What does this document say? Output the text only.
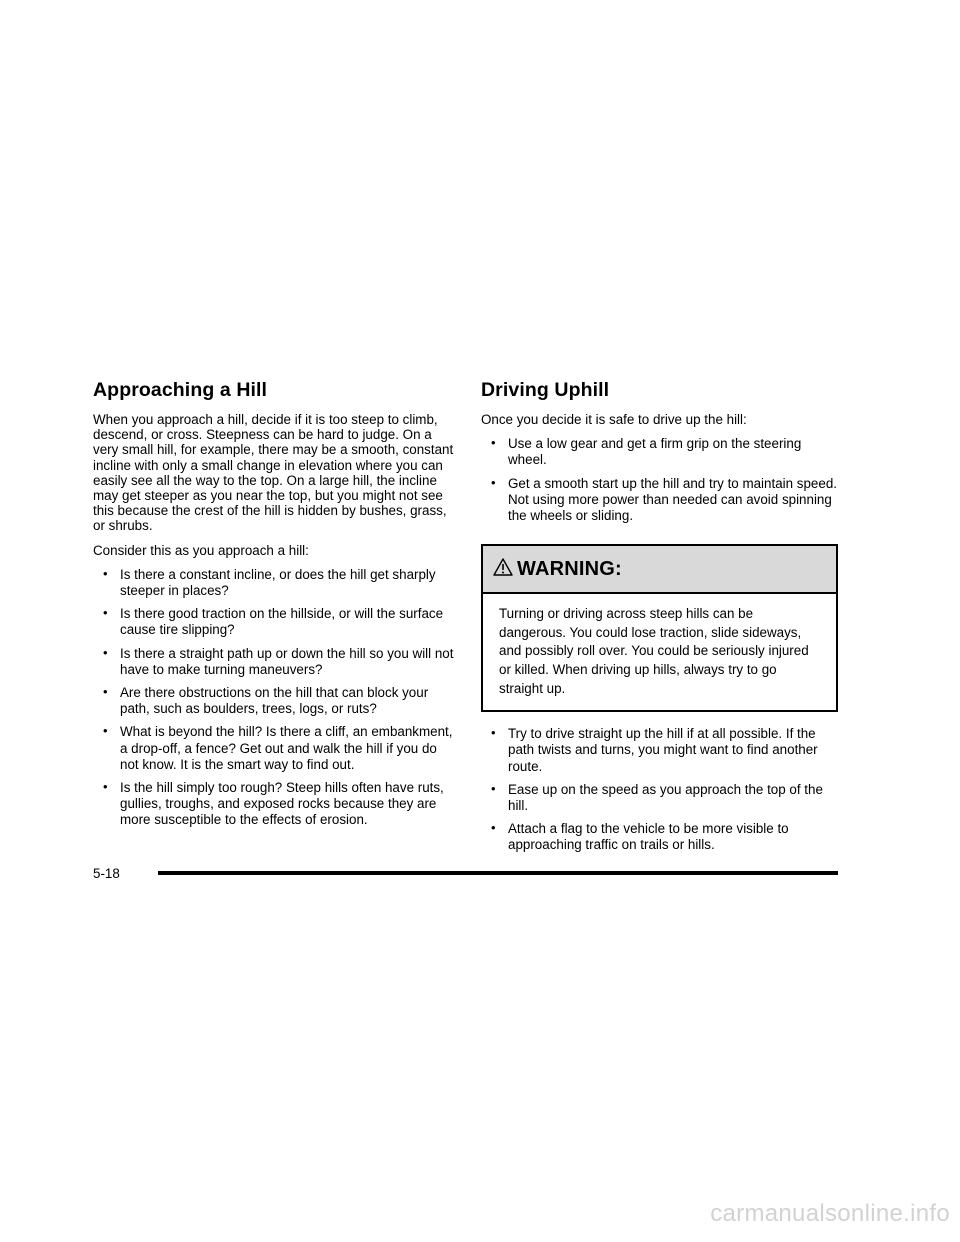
Approaching a Hill

When you approach a hill, decide if it is too steep to climb, descend, or cross. Steepness can be hard to judge. On a very small hill, for example, there may be a smooth, constant incline with only a small change in elevation where you can easily see all the way to the top. On a large hill, the incline may get steeper as you near the top, but you might not see this because the crest of the hill is hidden by bushes, grass, or shrubs.

Consider this as you approach a hill:

• Is there a constant incline, or does the hill get sharply steeper in places?
• Is there good traction on the hillside, or will the surface cause tire slipping?
• Is there a straight path up or down the hill so you will not have to make turning maneuvers?
• Are there obstructions on the hill that can block your path, such as boulders, trees, logs, or ruts?
• What is beyond the hill? Is there a cliff, an embankment, a drop-off, a fence? Get out and walk the hill if you do not know. It is the smart way to find out.
• Is the hill simply too rough? Steep hills often have ruts, gullies, troughs, and exposed rocks because they are more susceptible to the effects of erosion.
Driving Uphill

Once you decide it is safe to drive up the hill:

• Use a low gear and get a firm grip on the steering wheel.
• Get a smooth start up the hill and try to maintain speed. Not using more power than needed can avoid spinning the wheels or sliding.
WARNING:
Turning or driving across steep hills can be dangerous. You could lose traction, slide sideways, and possibly roll over. You could be seriously injured or killed. When driving up hills, always try to go straight up.
• Try to drive straight up the hill if at all possible. If the path twists and turns, you might want to find another route.
• Ease up on the speed as you approach the top of the hill.
• Attach a flag to the vehicle to be more visible to approaching traffic on trails or hills.
5-18
carmanualsonline.info
